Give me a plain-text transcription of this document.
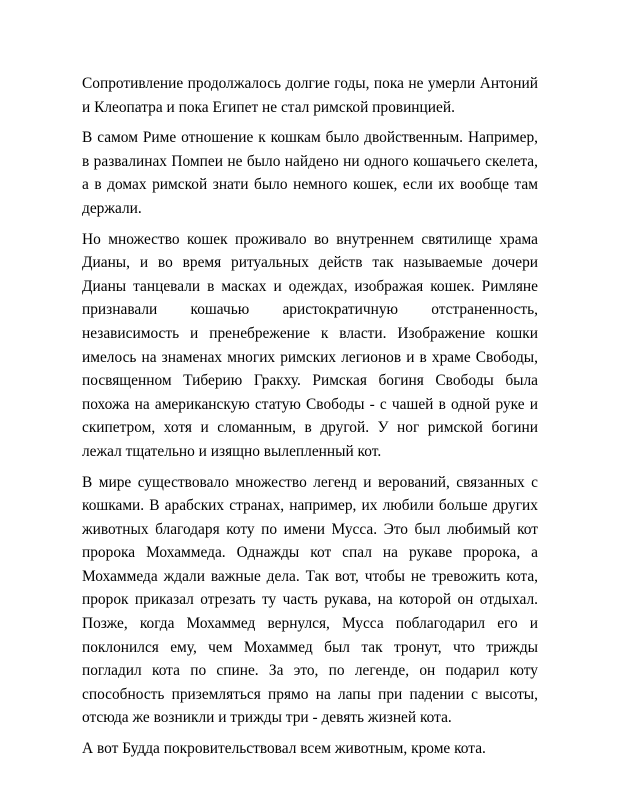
Сопротивление продолжалось долгие годы, пока не умерли Антоний и Клеопатра и пока Египет не стал римской провинцией.

В самом Риме отношение к кошкам было двойственным. Например, в развалинах Помпеи не было найдено ни одного кошачьего скелета, а в домах римской знати было немного кошек, если их вообще там держали.

Но множество кошек проживало во внутреннем святилище храма Дианы, и во время ритуальных действ так называемые дочери Дианы танцевали в масках и одеждах, изображая кошек. Римляне признавали кошачью аристократичную отстраненность, независимость и пренебрежение к власти. Изображение кошки имелось на знаменах многих римских легионов и в храме Свободы, посвященном Тиберию Гракху. Римская богиня Свободы была похожа на американскую статую Свободы - с чашей в одной руке и скипетром, хотя и сломанным, в другой. У ног римской богини лежал тщательно и изящно вылепленный кот.

В мире существовало множество легенд и верований, связанных с кошками. В арабских странах, например, их любили больше других животных благодаря коту по имени Мусса. Это был любимый кот пророка Мохаммеда. Однажды кот спал на рукаве пророка, а Мохаммеда ждали важные дела. Так вот, чтобы не тревожить кота, пророк приказал отрезать ту часть рукава, на которой он отдыхал. Позже, когда Мохаммед вернулся, Мусса поблагодарил его и поклонился ему, чем Мохаммед был так тронут, что трижды погладил кота по спине. За это, по легенде, он подарил коту способность приземляться прямо на лапы при падении с высоты, отсюда же возникли и трижды три - девять жизней кота.

А вот Будда покровительствовал всем животным, кроме кота.
